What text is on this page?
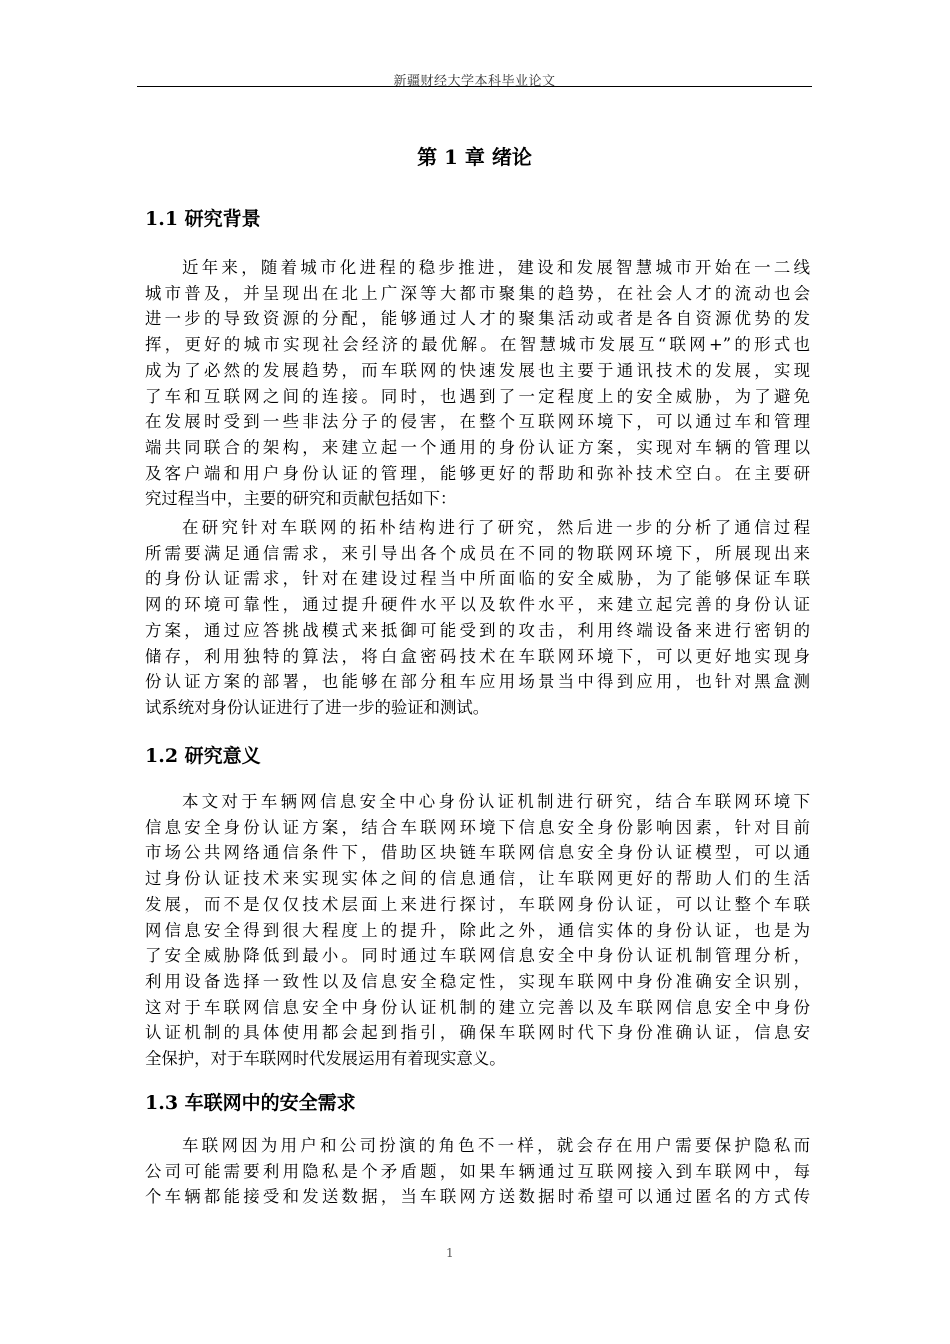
新疆财经大学本科毕业论文
第 1 章 绪论
1.1 研究背景
近年来，随着城市化进程的稳步推进，建设和发展智慧城市开始在一二线
城市普及，并呈现出在北上广深等大都市聚集的趋势，在社会人才的流动也会
进一步的导致资源的分配，能够通过人才的聚集活动或者是各自资源优势的发
挥，更好的城市实现社会经济的最优解。在智慧城市发展互“联网+”的形式也
成为了必然的发展趋势，而车联网的快速发展也主要于通讯技术的发展，实现
了车和互联网之间的连接。同时，也遇到了一定程度上的安全威胁，为了避免
在发展时受到一些非法分子的侵害，在整个互联网环境下，可以通过车和管理
端共同联合的架构，来建立起一个通用的身份认证方案，实现对车辆的管理以
及客户端和用户身份认证的管理，能够更好的帮助和弥补技术空白。在主要研
究过程当中，主要的研究和贡献包括如下：
在研究针对车联网的拓朴结构进行了研究，然后进一步的分析了通信过程
所需要满足通信需求，来引导出各个成员在不同的物联网环境下，所展现出来
的身份认证需求，针对在建设过程当中所面临的安全威胁，为了能够保证车联
网的环境可靠性，通过提升硬件水平以及软件水平，来建立起完善的身份认证
方案，通过应答挑战模式来抵御可能受到的攻击，利用终端设备来进行密钥的
储存，利用独特的算法，将白盒密码技术在车联网环境下，可以更好地实现身
份认证方案的部署，也能够在部分租车应用场景当中得到应用，也针对黑盒测
试系统对身份认证进行了进一步的验证和测试。
1.2 研究意义
本文对于车辆网信息安全中心身份认证机制进行研究，结合车联网环境下
信息安全身份认证方案，结合车联网环境下信息安全身份影响因素，针对目前
市场公共网络通信条件下，借助区块链车联网信息安全身份认证模型，可以通
过身份认证技术来实现实体之间的信息通信，让车联网更好的帮助人们的生活
发展，而不是仅仅技术层面上来进行探讨，车联网身份认证，可以让整个车联
网信息安全得到很大程度上的提升，除此之外，通信实体的身份认证，也是为
了安全威胁降低到最小。同时通过车联网信息安全中身份认证机制管理分析，
利用设备选择一致性以及信息安全稳定性，实现车联网中身份准确安全识别，
这对于车联网信息安全中身份认证机制的建立完善以及车联网信息安全中身份
认证机制的具体使用都会起到指引，确保车联网时代下身份准确认证，信息安
全保护，对于车联网时代发展运用有着现实意义。
1.3 车联网中的安全需求
车联网因为用户和公司扮演的角色不一样，就会存在用户需要保护隐私而
公司可能需要利用隐私是个矛盾题，如果车辆通过互联网接入到车联网中，每
个车辆都能接受和发送数据，当车联网方送数据时希望可以通过匿名的方式传
1
